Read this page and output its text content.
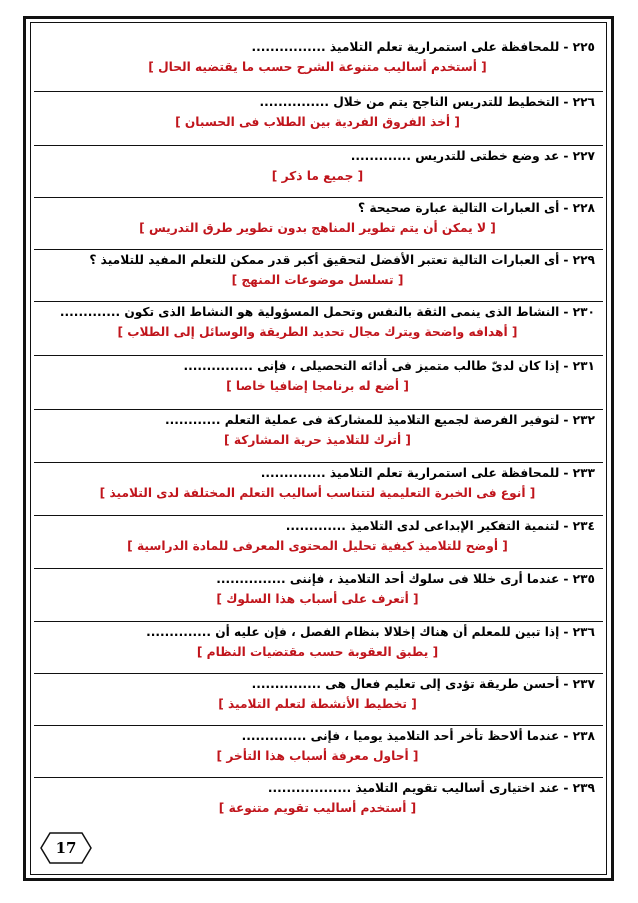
٢٢٥ -للمحافظة على استمرارية تعلم التلاميذ ................
[ أستخدم أساليب متنوعة الشرح حسب ما يقتضيه الحال ]
٢٢٦ -التخطيط للتدريس الناجح يتم من خلال ...............
[ أخذ الفروق الفردية بين الطلاب فى الحسبان ]
٢٢٧ -عد وضع خطتى للتدريس .............
[ جميع ما ذكر ]
٢٢٨ -أى العبارات التالية عبارة صحيحة ؟
[ لا يمكن أن يتم تطوير المناهج بدون تطوير طرق التدريس ]
٢٢٩ -أى العبارات التالية تعتبر الأفضل لتحقيق أكبر قدر ممكن للتعلم المفيد للتلاميذ ؟
[ تسلسل موضوعات المنهج ]
٢٣٠ -النشاط الذى ينمى الثقة بالنفس وتحمل المسؤولية هو النشاط الذى تكون .............
[ أهدافه واضحة ويترك مجال تحديد الطريقة والوسائل إلى الطلاب ]
٢٣١ -إذا كان لدىّ طالب متميز فى أدائه التحصيلى ، فإنى ...............
[ أضع له برنامجا إضافيا خاصا ]
٢٣٢ -لتوفير الفرصة لجميع التلاميذ للمشاركة فى عملية التعلم ............
[ أترك للتلاميذ حرية المشاركة ]
٢٣٣ -للمحافظة على استمرارية تعلم التلاميذ ..............
[ أنوع فى الخبرة التعليمية لتتناسب أساليب التعلم المختلفة لدى التلاميذ ]
٢٣٤ -لتنمية التفكير الإبداعى لدى التلاميذ .............
[ أوضح للتلاميذ كيفية تحليل المحتوى المعرفى للمادة الدراسية ]
٢٣٥ -عندما أرى خللا فى سلوك أحد التلاميذ ، فإننى ...............
[ أتعرف على أسباب هذا السلوك ]
٢٣٦ -إذا تبين للمعلم أن هناك إخلالا بنظام الفصل ، فإن عليه أن ..............
[ يطبق العقوبة حسب مقتضيات النظام ]
٢٣٧ -أحسن طريقة تؤدى إلى تعليم فعال هى ...............
[ تخطيط الأنشطة لتعلم التلاميذ ]
٢٣٨ -عندما ألاحظ تأخر أحد التلاميذ يوميا ، فإنى ..............
[ أحاول معرفة أسباب هذا التأخر ]
٢٣٩ -عند اختيارى أساليب تقويم التلاميذ ..................
[ أستخدم أساليب تقويم متنوعة ]
17
